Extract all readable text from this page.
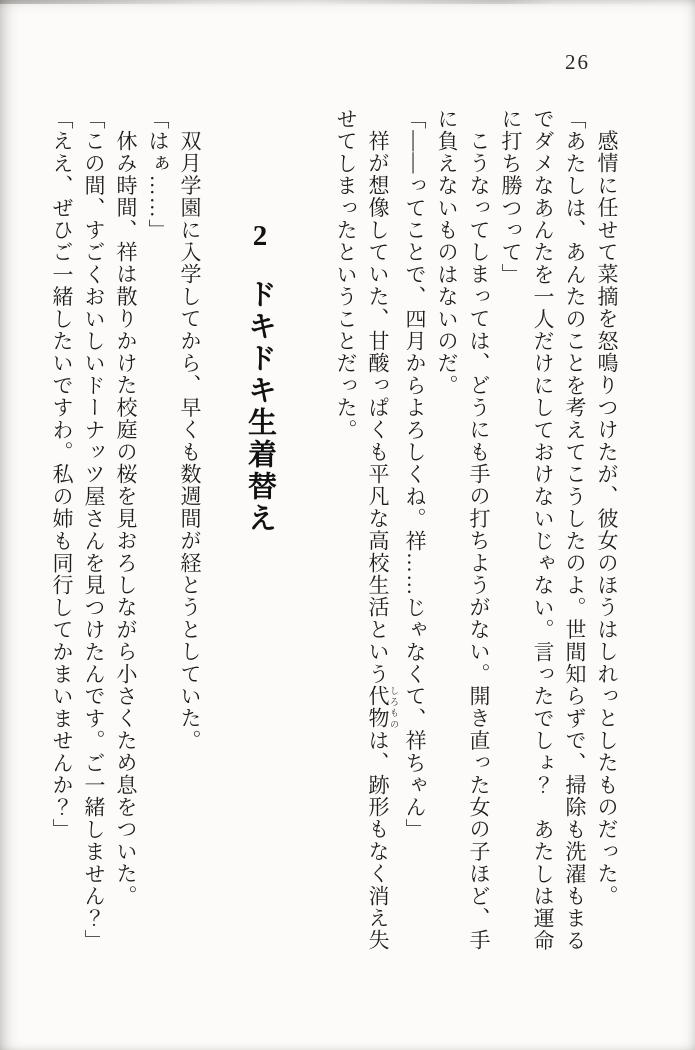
26

感情に任せて菜摘を怒鳴りつけたが、彼女のほうはしれっとしたものだった。

「あたしは、あんたのことを考えてこうしたのよ。世間知らずで、掃除も洗濯もまるでダメなあんたを一人だけにしておけないじゃない。言ったでしょ？　あたしは運命に打ち勝つって」

こうなってしまっては、どうにも手の打ちようがない。開き直った女の子ほど、手に負えないものはないのだ。

「――ってことで、四月からよろしくね。祥……じゃなくて、祥ちゃん」

祥が想像していた、甘酸っぱくも平凡な高校生活という代物 しろものは、跡形もなく消え失せてしまったということだった。

2ドキドキ生着替え

双月学園に入学してから、早くも数週間が経とうとしていた。

「はぁ……」

休み時間、祥は散りかけた校庭の桜を見おろしながら小さくため息をついた。

「この間、すごくおいしいドーナッツ屋さんを見つけたんです。ご一緒しません？」

「ええ、ぜひご一緒したいですわ。私の姉も同行してかまいませんか？」
